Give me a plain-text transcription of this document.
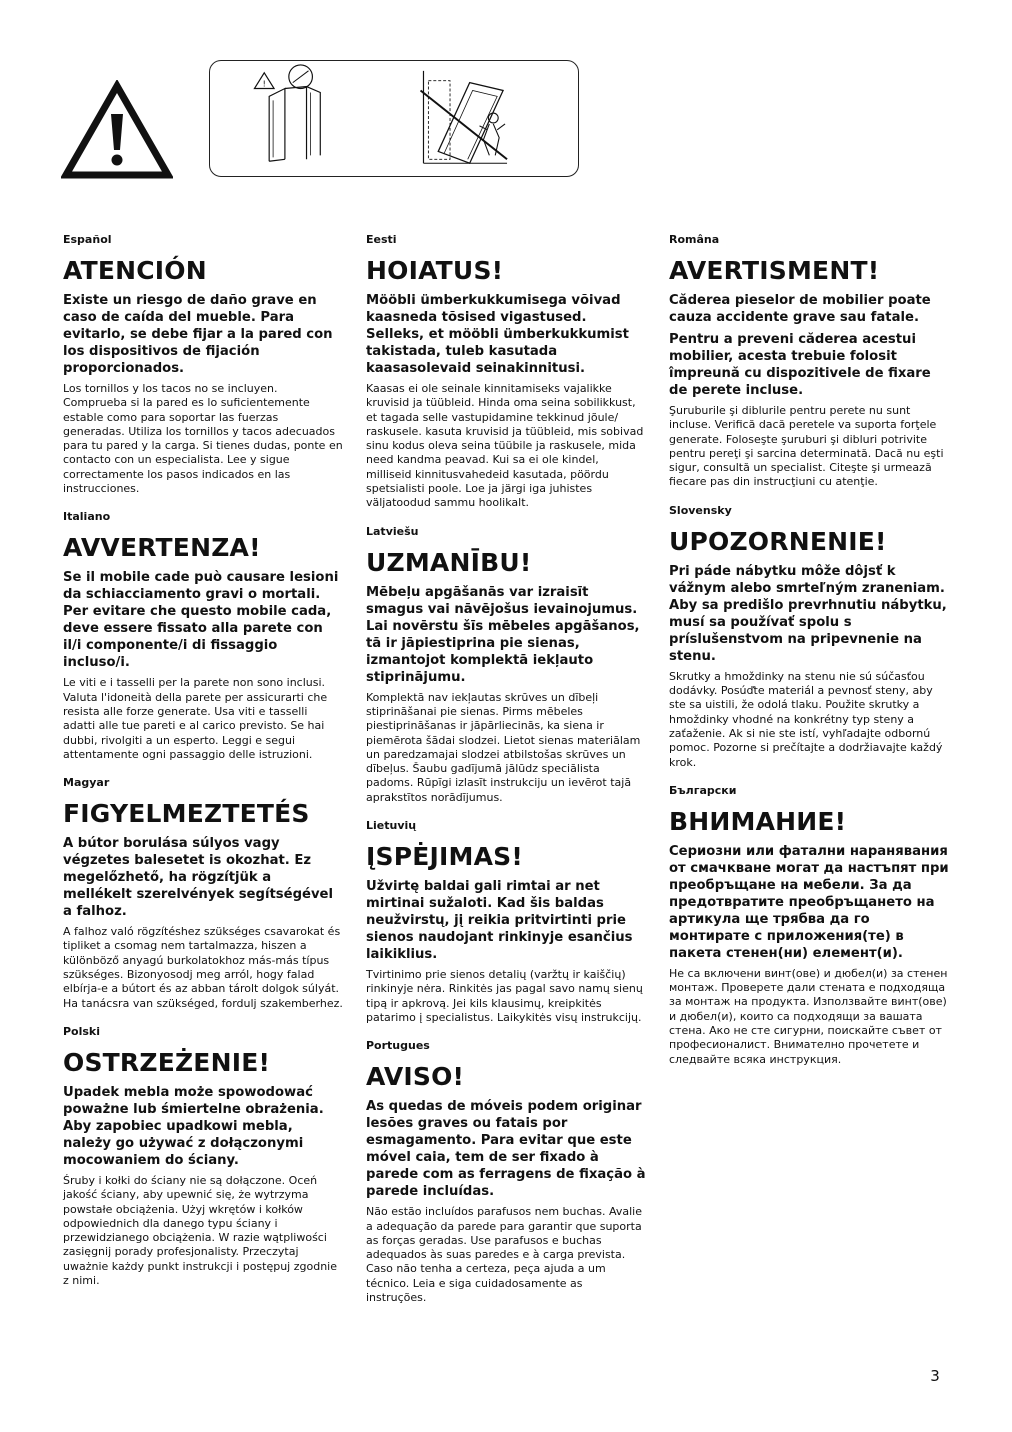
!

Español

ATENCIÓN

Existe un riesgo de daño grave en caso de caída del mueble. Para evitarlo, se debe fijar a la pared con los dispositivos de fijación proporcionados.

Los tornillos y los tacos no se incluyen. Comprueba si la pared es lo suficientemente estable como para soportar las fuerzas generadas. Utiliza los tornillos y tacos adecuados para tu pared y la carga. Si tienes dudas, ponte en contacto con un especialista. Lee y sigue correctamente los pasos indicados en las instrucciones.

Italiano

AVVERTENZA!

Se il mobile cade può causare lesioni da schiacciamento gravi o mortali. Per evitare che questo mobile cada, deve essere fissato alla parete con il/i componente/i di fissaggio incluso/i.

Le viti e i tasselli per la parete non sono inclusi. Valuta l'idoneità della parete per assicurarti che resista alle forze generate. Usa viti e tasselli adatti alle tue pareti e al carico previsto. Se hai dubbi, rivolgiti a un esperto. Leggi e segui attentamente ogni passaggio delle istruzioni.

Magyar

FIGYELMEZTETÉS

A bútor borulása súlyos vagy végzetes balesetet is okozhat. Ez megelőzhető, ha rögzítjük a mellékelt szerelvények segítségével a falhoz.

A falhoz való rögzítéshez szükséges csavarokat és tipliket a csomag nem tartalmazza, hiszen a különböző anyagú burkolatokhoz más-más típus szükséges. Bizonyosodj meg arról, hogy falad elbírja-e a bútort és az abban tárolt dolgok súlyát. Ha tanácsra van szükséged, fordulj szakemberhez.

Polski

OSTRZEŻENIE!

Upadek mebla może spowodować poważne lub śmiertelne obrażenia. Aby zapobiec upadkowi mebla, należy go używać z dołączonymi mocowaniem do ściany.

Śruby i kołki do ściany nie są dołączone. Oceń jakość ściany, aby upewnić się, że wytrzyma powstałe obciążenia. Użyj wkrętów i kołków odpowiednich dla danego typu ściany i przewidzianego obciążenia. W razie wątpliwości zasięgnij porady profesjonalisty. Przeczytaj uważnie każdy punkt instrukcji i postępuj zgodnie z nimi.

Eesti

HOIATUS!

Mööbli ümberkukkumisega võivad kaasneda tõsised vigastused. Selleks, et mööbli ümberkukkumist takistada, tuleb kasutada kaasasolevaid seinakinnitusi.

Kaasas ei ole seinale kinnitamiseks vajalikke kruvisid ja tüübleid. Hinda oma seina sobilikkust, et tagada selle vastupidamine tekkinud jõule/ raskusele. kasuta kruvisid ja tüübleid, mis sobivad sinu kodus oleva seina tüübile ja raskusele, mida need kandma peavad. Kui sa ei ole kindel, milliseid kinnitusvahedeid kasutada, pöördu spetsialisti poole. Loe ja järgi iga juhistes väljatoodud sammu hoolikalt.

Latviešu

UZMANĪBU!

Mēbeļu apgāšanās var izraisīt smagus vai nāvējošus ievainojumus. Lai novērstu šīs mēbeles apgāšanos, tā ir jāpiestiprina pie sienas, izmantojot komplektā iekļauto stiprinājumu.

Komplektā nav iekļautas skrūves un dībeļi stiprināšanai pie sienas. Pirms mēbeles piestiprināšanas ir jāpārliecinās, ka siena ir piemērota šādai slodzei. Lietot sienas materiālam un paredzamajai slodzei atbilstošas skrūves un dībeļus. Šaubu gadījumā jālūdz speciālista padoms. Rūpīgi izlasīt instrukciju un ievērot tajā aprakstītos norādījumus.

Lietuvių

ĮSPĖJIMAS!

Užvirtę baldai gali rimtai ar net mirtinai sužaloti. Kad šis baldas neužvirstų, jį reikia pritvirtinti prie sienos naudojant rinkinyje esančius laikiklius.

Tvirtinimo prie sienos detalių (varžtų ir kaiščių) rinkinyje nėra. Rinkitės jas pagal savo namų sienų tipą ir apkrovą. Jei kils klausimų, kreipkitės patarimo į specialistus. Laikykitės visų instrukcijų.

Portugues

AVISO!

As quedas de móveis podem originar lesões graves ou fatais por esmagamento. Para evitar que este móvel caia, tem de ser fixado à parede com as ferragens de fixação à parede incluídas.

Não estão incluídos parafusos nem buchas. Avalie a adequação da parede para garantir que suporta as forças geradas. Use parafusos e buchas adequados às suas paredes e à carga prevista. Caso não tenha a certeza, peça ajuda a um técnico. Leia e siga cuidadosamente as instruções.

Româna

AVERTISMENT!

Căderea pieselor de mobilier poate cauza accidente grave sau fatale.

Pentru a preveni căderea acestui mobilier, acesta trebuie folosit împreună cu dispozitivele de fixare de perete incluse.

Şuruburile şi diblurile pentru perete nu sunt incluse. Verifică dacă peretele va suporta forţele generate. Foloseşte şuruburi şi dibluri potrivite pentru pereţi şi sarcina determinată. Dacă nu eşti sigur, consultă un specialist. Citeşte şi urmează fiecare pas din instrucţiuni cu atenţie.

Slovensky

UPOZORNENIE!

Pri páde nábytku môže dôjsť k vážnym alebo smrteľným zraneniam. Aby sa predišlo prevrhnutiu nábytku, musí sa používať spolu s príslušenstvom na pripevnenie na stenu.

Skrutky a hmoždinky na stenu nie sú súčasťou dodávky. Posúďte materiál a pevnosť steny, aby ste sa uistili, že odolá tlaku. Použite skrutky a hmoždinky vhodné na konkrétny typ steny a zaťaženie. Ak si nie ste istí, vyhľadajte odbornú pomoc. Pozorne si prečítajte a dodržiavajte každý krok.

Български

ВНИМАНИЕ!

Сериозни или фатални наранявания от смачкване могат да настъпят при преобръщане на мебели. За да предотвратите преобръщането на артикула ще трябва да го монтирате с приложения(те) в пакета стенен(ни) елемент(и).

Не са включени винт(ове) и дюбел(и) за стенен монтаж. Проверете дали стената е подходяща за монтаж на продукта. Използвайте винт(ове) и дюбел(и), които са подходящи за вашата стена. Ако не сте сигурни, поискайте съвет от професионалист. Внимателно прочетете и следвайте всяка инструкция.

3
